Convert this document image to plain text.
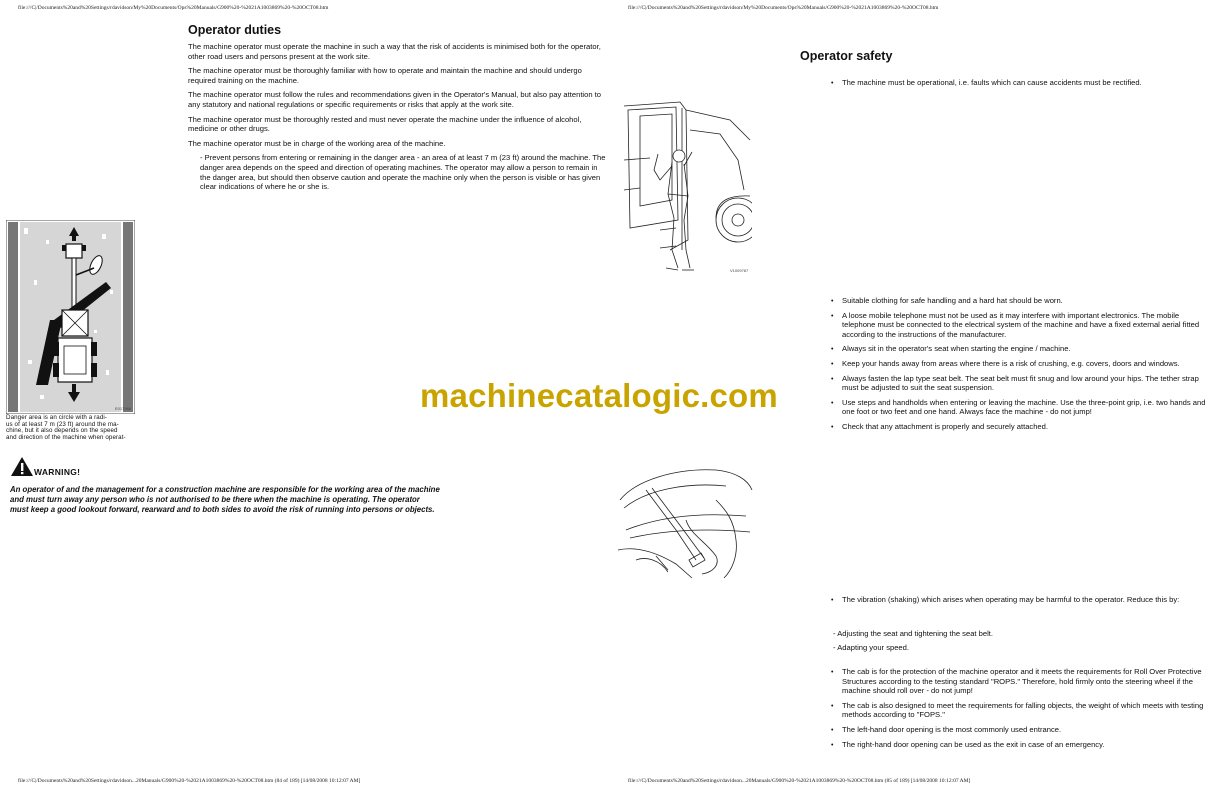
file:///C|/Documents%20and%20Settings/rdavidson/My%20Documents/Ops%20Manuals/G900%20-%2021A1003869%20-%20OCT08.htm
Operator duties

The machine operator must operate the machine in such a way that the risk of accidents is minimised both for the operator, other road users and persons present at the work site.

The machine operator must be thoroughly familiar with how to operate and maintain the machine and should undergo required training on the machine.

The machine operator must follow the rules and recommendations given in the Operator's Manual, but also pay attention to any statutory and national regulations or specific requirements or risks that apply at the work site.

The machine operator must be thoroughly rested and must never operate the machine under the influence of alcohol, medicine or other drugs.

The machine operator must be in charge of the working area of the machine.

- Prevent persons from entering or remaining in the danger area - an area of at least 7 m (23 ft) around the machine. The danger area depends on the speed and direction of operating machines. The operator may allow a person to remain in the danger area, but should then observe caution and operate the machine only when the person is visible or has given clear indications of where he or she is.

E017986
Danger area is an circle with a radi-
us of at least 7 m (23 ft) around the ma-
chine, but it also depends on the speed
and direction of the machine when operat-
WARNING!
An operator of and the management for a construction machine are responsible for the working area of the machine
and must turn away any person who is not authorised to be there when the machine is operating. The operator
must keep a good lookout forward, rearward and to both sides to avoid the risk of running into persons or objects.
file:///C|/Documents%20and%20Settings/rdavidson...20Manuals/G900%20-%2021A1003869%20-%20OCT08.htm (84 of 189) [14/08/2008 10:12:07 AM]
file:///C|/Documents%20and%20Settings/rdavidson/My%20Documents/Ops%20Manuals/G900%20-%2021A1003869%20-%20OCT08.htm
Operator safety
• The machine must be operational, i.e. faults which can cause accidents must be rectified.
V1009787
• Suitable clothing for safe handling and a hard hat should be worn.
• A loose mobile telephone must not be used as it may interfere with important electronics. The mobile telephone must be connected to the electrical system of the machine and have a fixed external aerial fitted according to the instructions of the manufacturer.
• Always sit in the operator's seat when starting the engine / machine.
• Keep your hands away from areas where there is a risk of crushing, e.g. covers, doors and windows.
• Always fasten the lap type seat belt. The seat belt must fit snug and low around your hips. The tether strap must be adjusted to suit the seat suspension.
• Use steps and handholds when entering or leaving the machine. Use the three-point grip, i.e. two hands and one foot or two feet and one hand. Always face the machine - do not jump!
• Check that any attachment is properly and securely attached.
• The vibration (shaking) which arises when operating may be harmful to the operator. Reduce this by:
- Adjusting the seat and tightening the seat belt.
- Adapting your speed.
• The cab is for the protection of the machine operator and it meets the requirements for Roll Over Protective Structures according to the testing standard "ROPS." Therefore, hold firmly onto the steering wheel if the machine should roll over - do not jump!
• The cab is also designed to meet the requirements for falling objects, the weight of which meets with testing methods according to "FOPS."
• The left-hand door opening is the most commonly used entrance.
• The right-hand door opening can be used as the exit in case of an emergency.
file:///C|/Documents%20and%20Settings/rdavidson...20Manuals/G900%20-%2021A1003869%20-%20OCT08.htm (85 of 189) [14/08/2008 10:12:07 AM]
machinecatalogic.com
